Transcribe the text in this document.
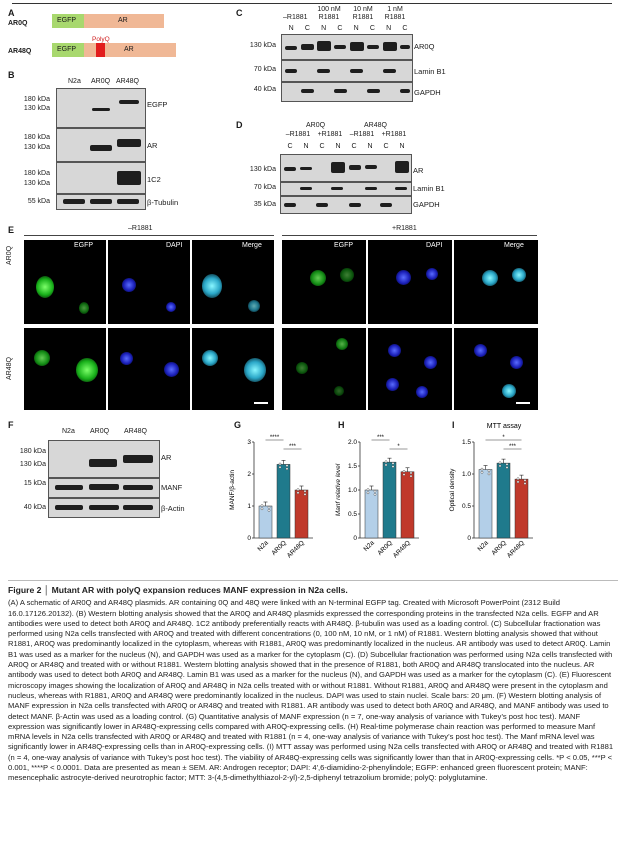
A
AR0Q	EGFP	AR
PolyQ
AR48Q	EGFP	AR
B
N2a AR0Q AR48Q
180 kDa
130 kDa	EGFP
180 kDa
130 kDa	AR
180 kDa
130 kDa	1C2
55 kDa	β-Tubulin
C	–R1881
100 nM
R1881
10 nM
R1881
1 nM
R1881
N C N C N C N C
130 kDa	AR0Q
70 kDa	Lamin B1
40 kDa	GAPDH
D	AR0Q	AR48Q
–R1881 +R1881 –R1881 +R1881
C N C N C N C N
130 kDa	AR
70 kDa	Lamin B1
35 kDa	GAPDH
E	–R1881	+R1881
AR0Q
AR48Q
EGFP	DAPI	Merge	EGFP	DAPI	Merge
F
N2a AR0Q AR48Q
180 kDa
130 kDa
AR
15 kDa	MANF
40 kDa	β-Actin
G	H	I
0
1
2
3
MANF/β-actin
N2a AR0Q
AR48Q
****
***
0
0.5
1.0
1.5
2.0
Manf relative level
N2a AR0Q
AR48Q
***
*
0
0.5
1.0
1.5
Optical density
MTT assay
N2a AR0Q
AR48Q
*
***
Figure 2 │ Mutant AR with polyQ expansion reduces MANF expression in N2a cells.
(A) A schematic of AR0Q and AR48Q plasmids. AR containing 0Q and 48Q were linked with an N-terminal EGFP tag. Created with Microsoft PowerPoint (2312 Build 16.0.17126.20132). (B) Western blotting analysis showed that the AR0Q and AR48Q plasmids expressed the corresponding proteins in the transfected N2a cells. EGFP and AR antibodies were used to detect both AR0Q and AR48Q. 1C2 antibody preferentially reacts with AR48Q. β-tubulin was used as a loading control. (C) Subcellular fractionation was performed using N2a cells transfected with AR0Q and treated with different concentrations (0, 100 nM, 10 nM, or 1 nM) of R1881. Western blotting analysis showed that without R1881, AR0Q was predominantly localized in the cytoplasm, whereas with R1881, AR0Q was predominantly localized in the nucleus. AR antibody was used to detect AR0Q. Lamin B1 was used as a marker for the nucleus (N), and GAPDH was used as a marker for the cytoplasm (C). (D) Subcellular fractionation was performed using N2a cells transfected with AR0Q or AR48Q and treated with or without R1881. Western blotting analysis showed that in the presence of R1881, both AR0Q and AR48Q translocated into the nucleus. AR antibody was used to detect both AR0Q and AR48Q. Lamin B1 was used as a marker for the nucleus (N), and GAPDH was used as a marker for the cytoplasm (C). (E) Fluorescent microscopy images showing the localization of AR0Q and AR48Q in N2a cells treated with or without R1881. Without R1881, AR0Q and AR48Q were present in the cytoplasm and nucleus, whereas with R1881, AR0Q and AR48Q were predominantly localized in the nucleus. DAPI was used to stain nuclei. Scale bars: 20 μm. (F) Western blotting analysis of MANF expression in N2a cells transfected with AR0Q or AR48Q and treated with R1881. AR antibody was used to detect both AR0Q and AR48Q, and MANF antibody was used to detect MANF. β-Actin was used as a loading control. (G) Quantitative analysis of MANF expression (n = 7, one-way analysis of variance with Tukey’s post hoc test). MANF expression was significantly lower in AR48Q-expressing cells compared with AR0Q-expressing cells. (H) Real-time polymerase chain reaction was performed to measure Manf mRNA levels in N2a cells transfected with AR0Q or AR48Q and treated with R1881 (n = 4, one-way analysis of variance with Tukey’s post hoc test). The Manf mRNA level was significantly lower in AR48Q-expressing cells than in AR0Q-expressing cells. (I) MTT assay was performed using N2a cells transfected with AR0Q or AR48Q and treated with R1881 (n = 4, one-way analysis of variance with Tukey’s post hoc test). The viability of AR48Q-expressing cells was significantly lower than that in AR0Q-expressing cells. *P < 0.05, ***P < 0.001, ****P < 0.0001. Data are presented as mean ± SEM. AR: Androgen receptor; DAPI: 4′,6-diamidino-2-phenylindole; EGFP: enhanced green fluorescent protein; MANF: mesencephalic astrocyte-derived neurotrophic factor; MTT: 3-(4,5-dimethylthiazol-2-yl)-2,5-diphenyl tetrazolium bromide; polyQ: polyglutamine.
